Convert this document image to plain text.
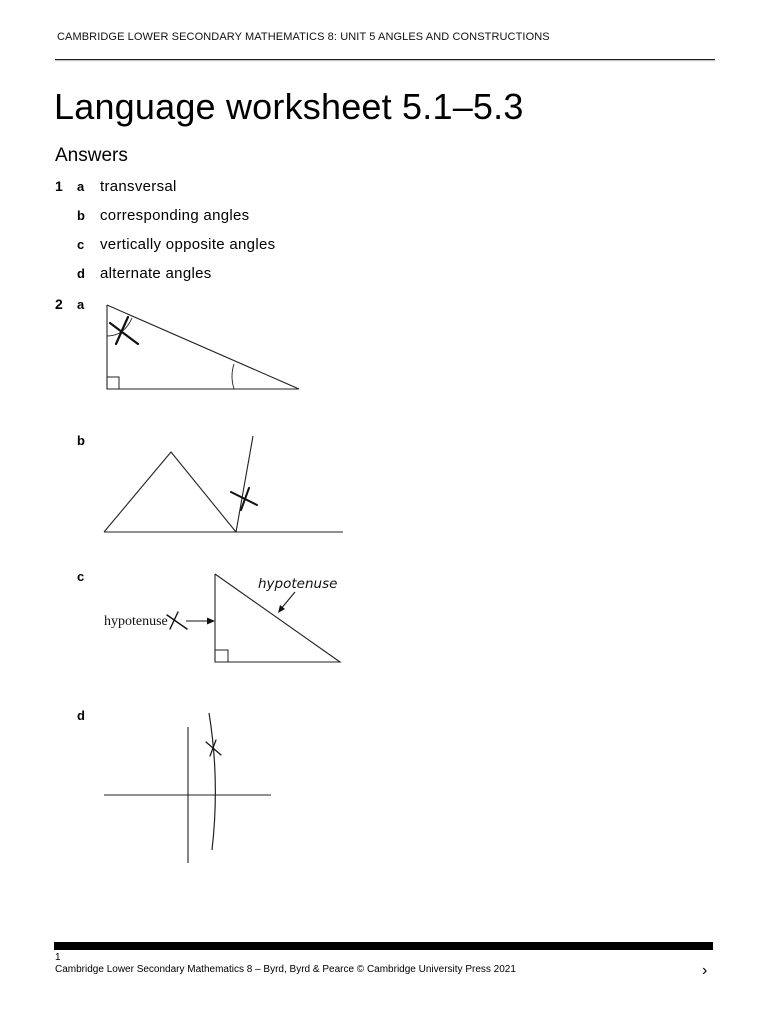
CAMBRIDGE LOWER SECONDARY MATHEMATICS 8: UNIT 5 ANGLES AND CONSTRUCTIONS
Language worksheet 5.1–5.3
Answers
1 a transversal
b corresponding angles
c vertically opposite angles
d alternate angles
2 a
b
c	hypotenuse
hypotenuse
d
1
Cambridge Lower Secondary Mathematics 8 – Byrd, Byrd & Pearce © Cambridge University Press 2021	›
